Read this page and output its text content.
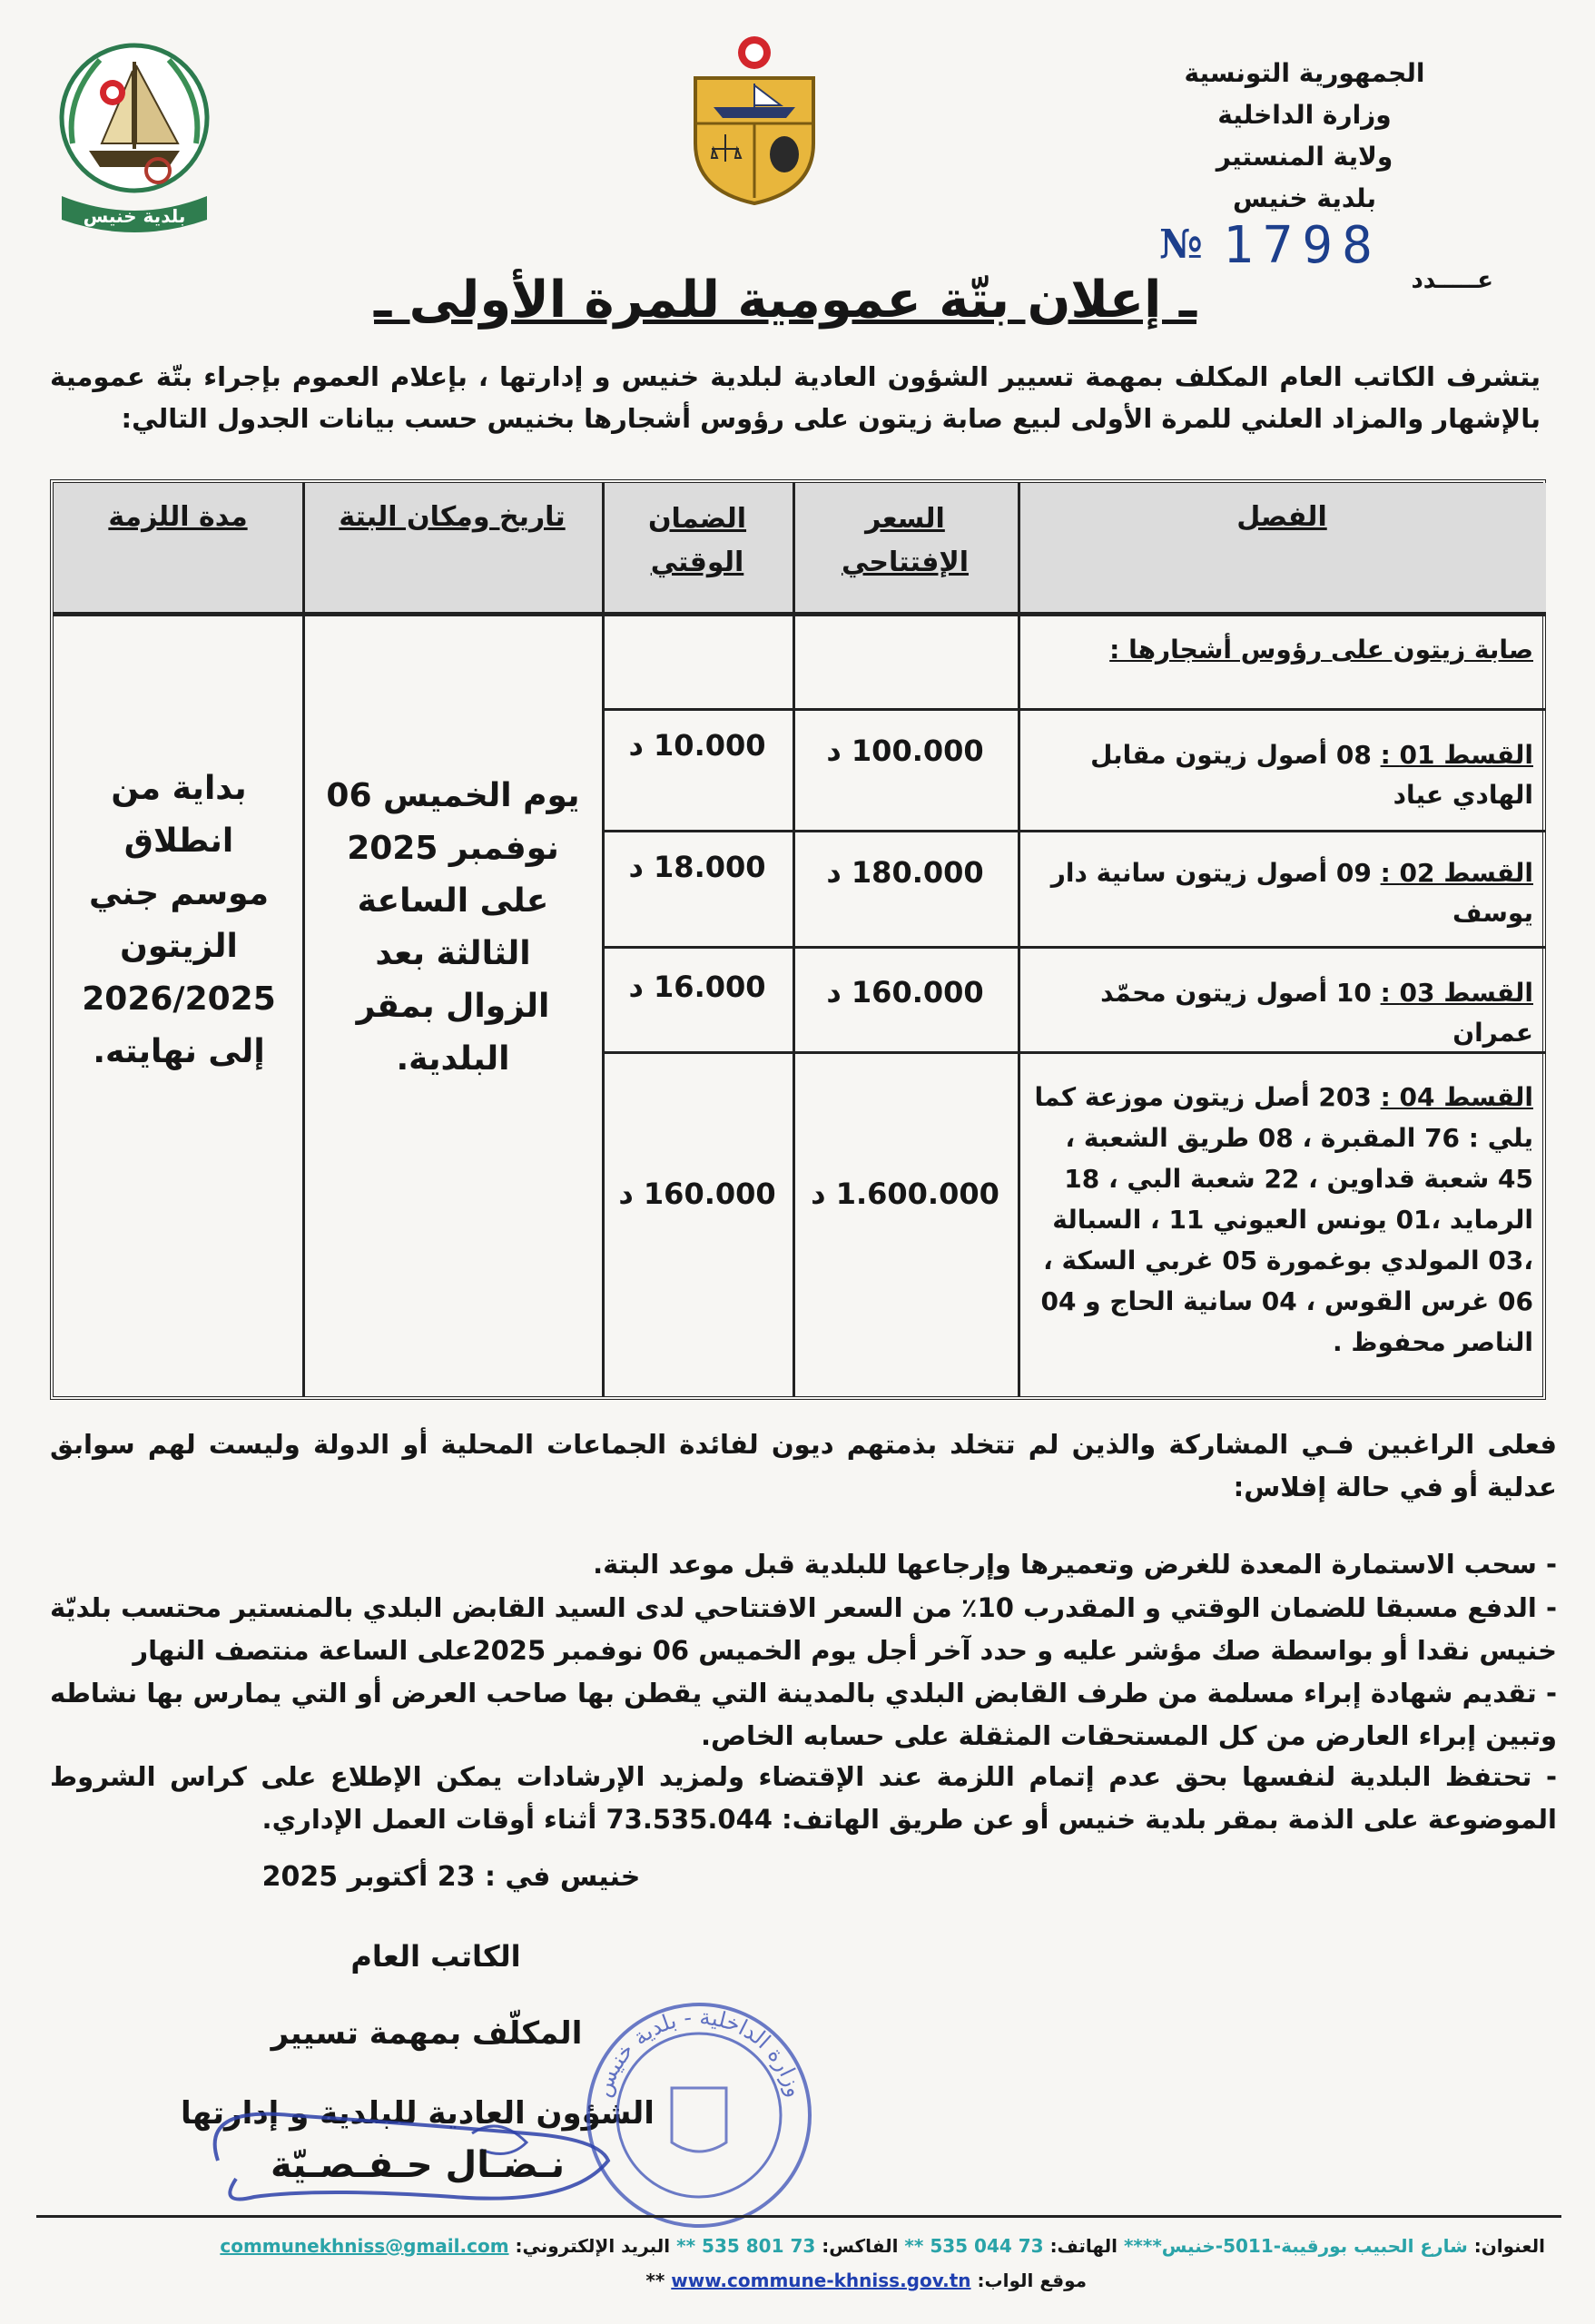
الجمهورية التونسية
وزارة الداخلية
ولاية المنستير
بلدية خنيس
№ 1798
عـــــدد
بلدية خنيس
ـ إعلان بتّة عمومية للمرة الأولى ـ
يتشرف الكاتب العام المكلف بمهمة تسيير الشؤون العادية لبلدية خنيس و إدارتها ، بإعلام العموم بإجراء بتّة عمومية بالإشهار والمزاد العلني للمرة الأولى لبيع صابة زيتون على رؤوس أشجارها بخنيس حسب بيانات الجدول التالي:
الفصل
السعر الإفتتاحي
الضمان الوقتي
تاريخ ومكان البتة
مدة اللزمة
صابة زيتون على رؤوس أشجارها :
القسط 01 : 08 أصول زيتون مقابل الهادي عياد
القسط 02 : 09 أصول زيتون سانية دار يوسف
القسط 03 : 10 أصول زيتون محمّد عمران
القسط 04 : 203 أصل زيتون موزعة كما يلي : 76 المقبرة ، 08 طريق الشعبة ، 45 شعبة قداوين ، 22 شعبة البي ، 18 الرمايد ،01 يونس العيوني 11 ، السبالة ،03 المولدي بوغمورة 05 غربي السكة ، 06 غرس القوس ، 04 سانية الحاج و 04 الناصر محفوظ .
100.000 د
180.000 د
160.000 د
1.600.000 د
10.000 د
18.000 د
16.000 د
160.000 د
يوم الخميس 06 نوفمبر 2025 على الساعة الثالثة بعد الزوال بمقر البلدية.
بداية من انطلاق موسم جني الزيتون 2026/2025 إلى نهايته.
فعلى الراغبين فـي المشاركة والذين لم تتخلد بذمتهم ديون لفائدة الجماعات المحلية أو الدولة وليست لهم سوابق عدلية أو في حالة إفلاس:
- سحب الاستمارة المعدة للغرض وتعميرها وإرجاعها للبلدية قبل موعد البتة.
- الدفع مسبقا للضمان الوقتي و المقدرب 10٪ من السعر الافتتاحي لدى السيد القابض البلدي بالمنستير محتسب بلديّة خنيس نقدا أو بواسطة صك مؤشر عليه و حدد آخر أجل يوم الخميس 06 نوفمبر 2025على الساعة منتصف النهار
- تقديم شهادة إبراء مسلمة من طرف القابض البلدي بالمدينة التي يقطن بها صاحب العرض أو التي يمارس بها نشاطه وتبين إبراء العارض من كل المستحقات المثقلة على حسابه الخاص.
- تحتفظ البلدية لنفسها بحق عدم إتمام اللزمة عند الإقتضاء ولمزيد الإرشادات يمكن الإطلاع على كراس الشروط الموضوعة على الذمة بمقر بلدية خنيس أو عن طريق الهاتف: 73.535.044 أثناء أوقات العمل الإداري.
خنيس في : 23 أكتوبر 2025
الكاتب العام
المكلّف بمهمة تسيير
الشؤون العادية للبلدية و إدارتها
وزارة الداخلية - بلدية خنيس
نـضـال حـفـصـيّة
العنوان: شارع الحبيب بورقيبة-5011-خنيس**** الهاتف: 73 044 535 ** الفاكس: 73 801 535 ** البريد الإلكتروني: communekhniss@gmail.com
موقع الواب: www.commune-khniss.gov.tn **
